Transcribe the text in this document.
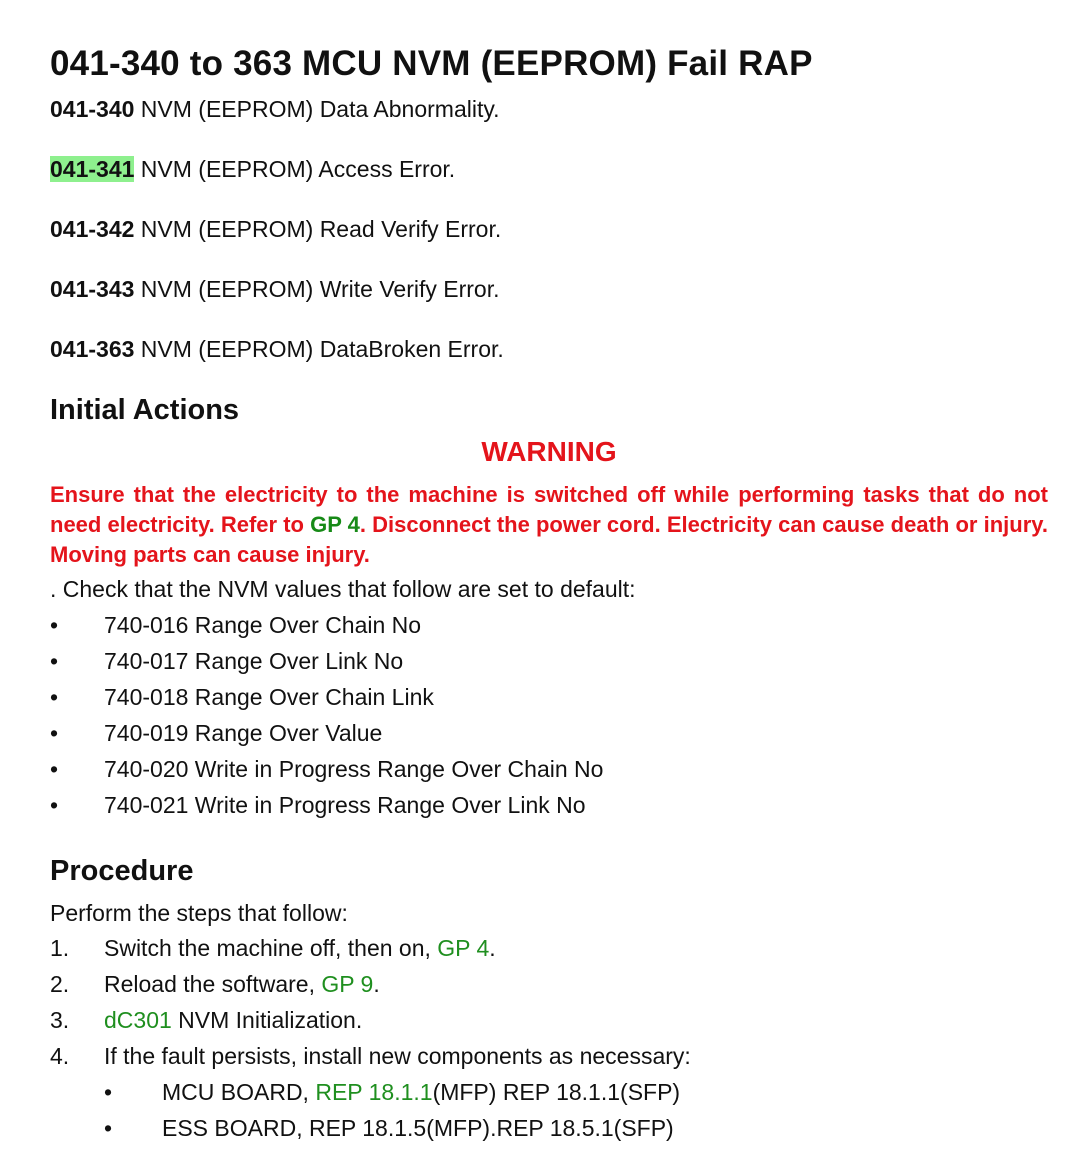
041-340 to 363 MCU NVM (EEPROM) Fail RAP
041-340 NVM (EEPROM) Data Abnormality.
041-341 NVM (EEPROM) Access Error.
041-342 NVM (EEPROM) Read Verify Error.
041-343 NVM (EEPROM) Write Verify Error.
041-363 NVM (EEPROM) DataBroken Error.
Initial Actions
WARNING

Ensure that the electricity to the machine is switched off while performing tasks that do not need electricity. Refer to GP 4. Disconnect the power cord. Electricity can cause death or injury. Moving parts can cause injury.

. Check that the NVM values that follow are set to default:

• 740-016 Range Over Chain No
• 740-017 Range Over Link No
• 740-018 Range Over Chain Link
• 740-019 Range Over Value
• 740-020 Write in Progress Range Over Chain No
• 740-021 Write in Progress Range Over Link No
Procedure

Perform the steps that follow:

1. Switch the machine off, then on, GP 4.
2. Reload the software, GP 9.
3. dC301 NVM Initialization.
4. If the fault persists, install new components as necessary:
• MCU BOARD, REP 18.1.1(MFP) REP 18.1.1(SFP)
• ESS BOARD, REP 18.1.5(MFP).REP 18.5.1(SFP)
